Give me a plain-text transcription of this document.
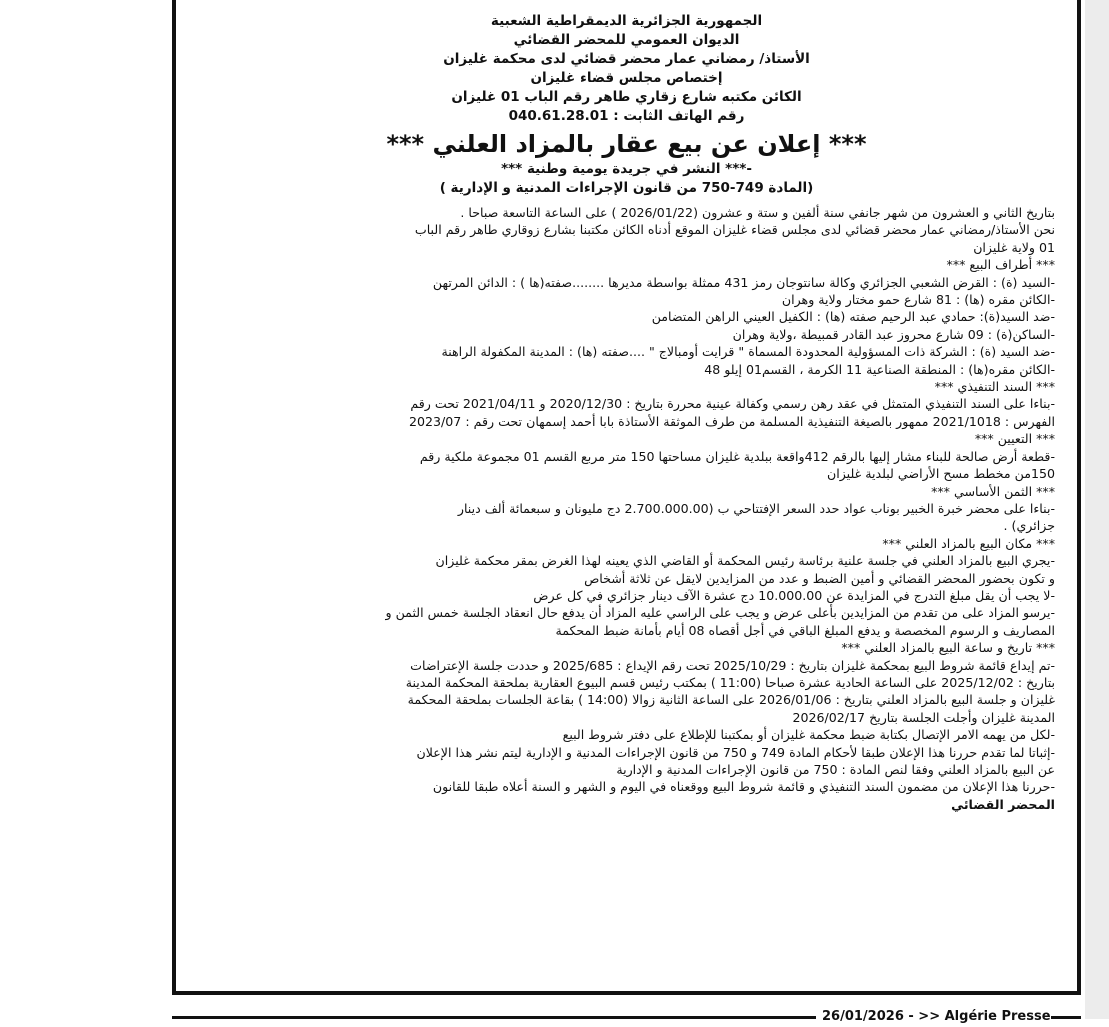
الجمهورية الجزائرية الديمقراطية الشعبية
الديوان العمومي للمحضر القضائي
الأستاذ/ رمضاني عمار محضر قضائي لدى محكمة غليزان
إختصاص مجلس قضاء غليزان
الكائن مكتبه شارع زقاري طاهر رقم الباب 01 غليزان
رقم الهاتف الثابت : 040.61.28.01
*** إعلان عن بيع عقار بالمزاد العلني ***
-*** النشر في جريدة يومية وطنية ***
(المادة 749-750 من قانون الإجراءات المدنية و الإدارية )
بتاريخ الثاني و العشرون من شهر جانفي سنة ألفين و ستة و عشرون (2026/01/22 ) على الساعة التاسعة صباحا .
نحن الأستاذ/رمضاني عمار محضر قضائي لدى مجلس قضاء غليزان الموقع أدناه الكائن مكتبنا بشارع زوقاري طاهر رقم الباب
01 ولاية غليزان
*** أطراف البيع ***
-السيد (ة) : القرض الشعبي الجزائري وكالة سانتوجان رمز 431 ممثلة بواسطة مديرها ........صفته(ها ) : الدائن المرتهن
-الكائن مقره (ها) : 81 شارع حمو مختار ولاية وهران
-ضد السيد(ة): حمادي عبد الرحيم صفته (ها) : الكفيل العيني الراهن المتضامن
-الساكن(ة) : 09 شارع محروز عبد القادر قمبيطة ،ولاية وهران
-ضد السيد (ة) : الشركة ذات المسؤولية المحدودة المسماة " قرايت أومبالاج " ....صفته (ها) : المدينة المكفولة الراهنة
-الكائن مقره(ها) : المنطقة الصناعية 11 الكرمة ، القسم01 إيلو 48
*** السند التنفيذي ***
-بناءا على السند التنفيذي المتمثل في عقد رهن رسمي وكفالة عينية محررة بتاريخ : 2020/12/30 و 2021/04/11 تحت رقم
الفهرس : 2021/1018 ممهور بالصيغة التنفيذية المسلمة من طرف الموثقة الأستاذة بابا أحمد إسمهان تحت رقم : 2023/07
*** التعيين ***
-قطعة أرض صالحة للبناء مشار إليها بالرقم 412واقعة ببلدية غليزان مساحتها 150 متر مربع القسم 01 مجموعة ملكية رقم
150من مخطط مسح الأراضي لبلدية غليزان
*** الثمن الأساسي ***
-بناءا على محضر خبرة الخبير بوناب عواد حدد السعر الإفتتاحي ب (2.700.000.00 دج مليونان و سبعمائة ألف دينار
جزائري) .
*** مكان البيع بالمزاد العلني ***
-يجري البيع بالمزاد العلني في جلسة علنية برئاسة رئيس المحكمة أو القاضي الذي يعينه لهذا الغرض بمقر محكمة غليزان
و تكون بحضور المحضر القضائي و أمين الضبط و عدد من المزايدين لايقل عن ثلاثة أشخاص
-لا يجب أن يقل مبلغ التدرج في المزايدة عن 10.000.00 دج عشرة الآف دينار جزائري في كل عرض
-يرسو المزاد على من تقدم من المزايدين بأعلى عرض و يجب على الراسي عليه المزاد أن يدفع حال انعقاد الجلسة خمس الثمن و
المصاريف و الرسوم المخصصة و يدفع المبلغ الباقي في أجل أقصاه 08 أيام بأمانة ضبط المحكمة
*** تاريخ و ساعة البيع بالمزاد العلني ***
-تم إيداع قائمة شروط البيع بمحكمة غليزان بتاريخ : 2025/10/29 تحت رقم الإيداع : 2025/685 و حددت جلسة الإعتراضات
بتاريخ : 2025/12/02 على الساعة الحادية عشرة صباحا (11:00 ) بمكتب رئيس قسم البيوع العقارية بملحقة المحكمة المدينة
غليزان و جلسة البيع بالمزاد العلني بتاريخ : 2026/01/06 على الساعة الثانية زوالا (14:00 ) بقاعة الجلسات بملحقة المحكمة
المدينة غليزان وأجلت الجلسة بتاريخ 2026/02/17
-لكل من يهمه الامر الإتصال بكتابة ضبط محكمة غليزان أو بمكتبنا للإطلاع على دفتر شروط البيع
-إثباتا لما تقدم حررنا هذا الإعلان طبقا لأحكام المادة 749 و 750 من قانون الإجراءات المدنية و الإدارية ليتم نشر هذا الإعلان
عن البيع بالمزاد العلني وفقا لنص المادة : 750 من قانون الإجراءات المدنية و الإدارية
-حررنا هذا الإعلان من مضمون السند التنفيذي و قائمة شروط البيع ووقعناه في اليوم و الشهر و السنة أعلاه طبقا للقانون
المحضر القضائي
26/01/2026 - >> Algérie Presse
